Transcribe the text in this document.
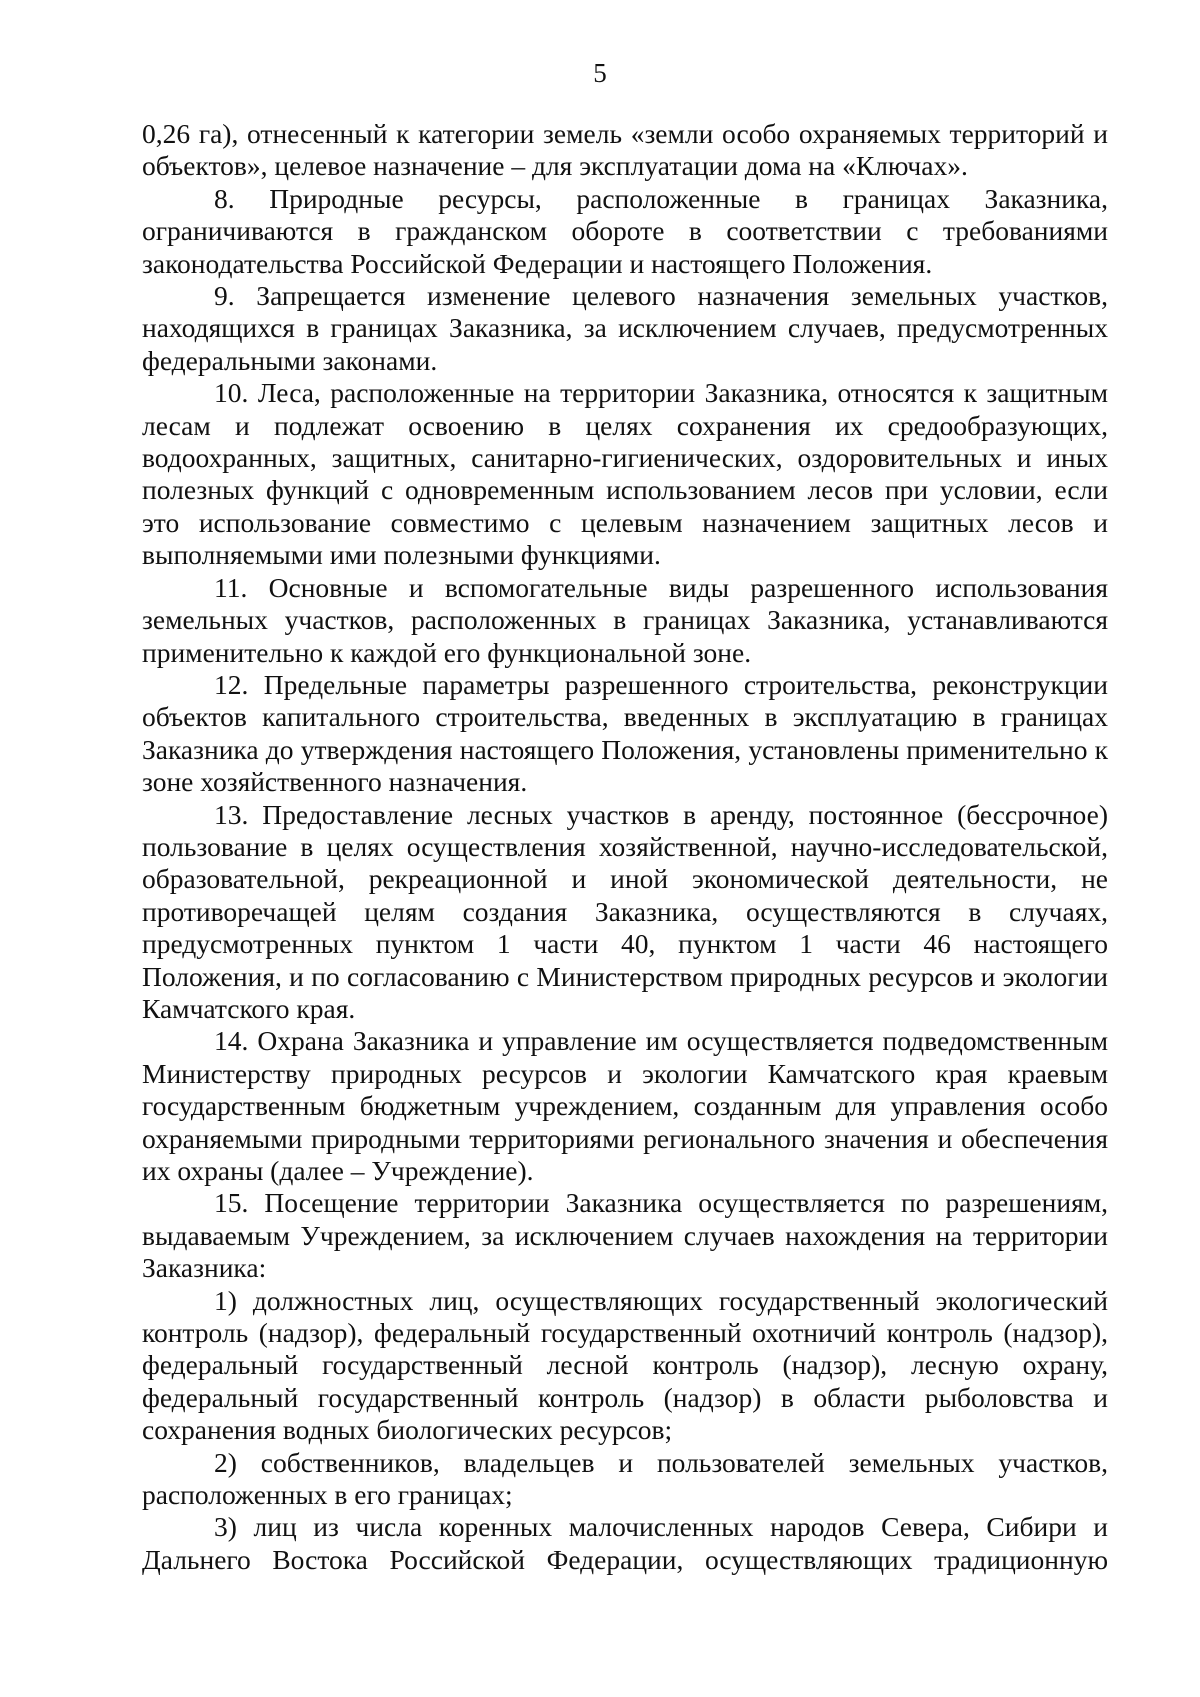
5

0,26 га), отнесенный к категории земель «земли особо охраняемых территорий и объектов», целевое назначение – для эксплуатации дома на «Ключах».

8. Природные ресурсы, расположенные в границах Заказника, ограничиваются в гражданском обороте в соответствии с требованиями законодательства Российской Федерации и настоящего Положения.

9. Запрещается изменение целевого назначения земельных участков, находящихся в границах Заказника, за исключением случаев, предусмотренных федеральными законами.

10. Леса, расположенные на территории Заказника, относятся к защитным лесам и подлежат освоению в целях сохранения их средообразующих, водоохранных, защитных, санитарно-гигиенических, оздоровительных и иных полезных функций с одновременным использованием лесов при условии, если это использование совместимо с целевым назначением защитных лесов и выполняемыми ими полезными функциями.

11. Основные и вспомогательные виды разрешенного использования земельных участков, расположенных в границах Заказника, устанавливаются применительно к каждой его функциональной зоне.

12. Предельные параметры разрешенного строительства, реконструкции объектов капитального строительства, введенных в эксплуатацию в границах Заказника до утверждения настоящего Положения, установлены применительно к зоне хозяйственного назначения.

13. Предоставление лесных участков в аренду, постоянное (бессрочное) пользование в целях осуществления хозяйственной, научно-исследовательской, образовательной, рекреационной и иной экономической деятельности, не противоречащей целям создания Заказника, осуществляются в случаях, предусмотренных пунктом 1 части 40, пунктом 1 части 46 настоящего Положения, и по согласованию с Министерством природных ресурсов и экологии Камчатского края.

14. Охрана Заказника и управление им осуществляется подведомственным Министерству природных ресурсов и экологии Камчатского края краевым государственным бюджетным учреждением, созданным для управления особо охраняемыми природными территориями регионального значения и обеспечения их охраны (далее – Учреждение).

15. Посещение территории Заказника осуществляется по разрешениям, выдаваемым Учреждением, за исключением случаев нахождения на территории Заказника:

1) должностных лиц, осуществляющих государственный экологический контроль (надзор), федеральный государственный охотничий контроль (надзор), федеральный государственный лесной контроль (надзор), лесную охрану, федеральный государственный контроль (надзор) в области рыболовства и сохранения водных биологических ресурсов;

2) собственников, владельцев и пользователей земельных участков, расположенных в его границах;

3) лиц из числа коренных малочисленных народов Севера, Сибири и Дальнего Востока Российской Федерации, осуществляющих традиционную
